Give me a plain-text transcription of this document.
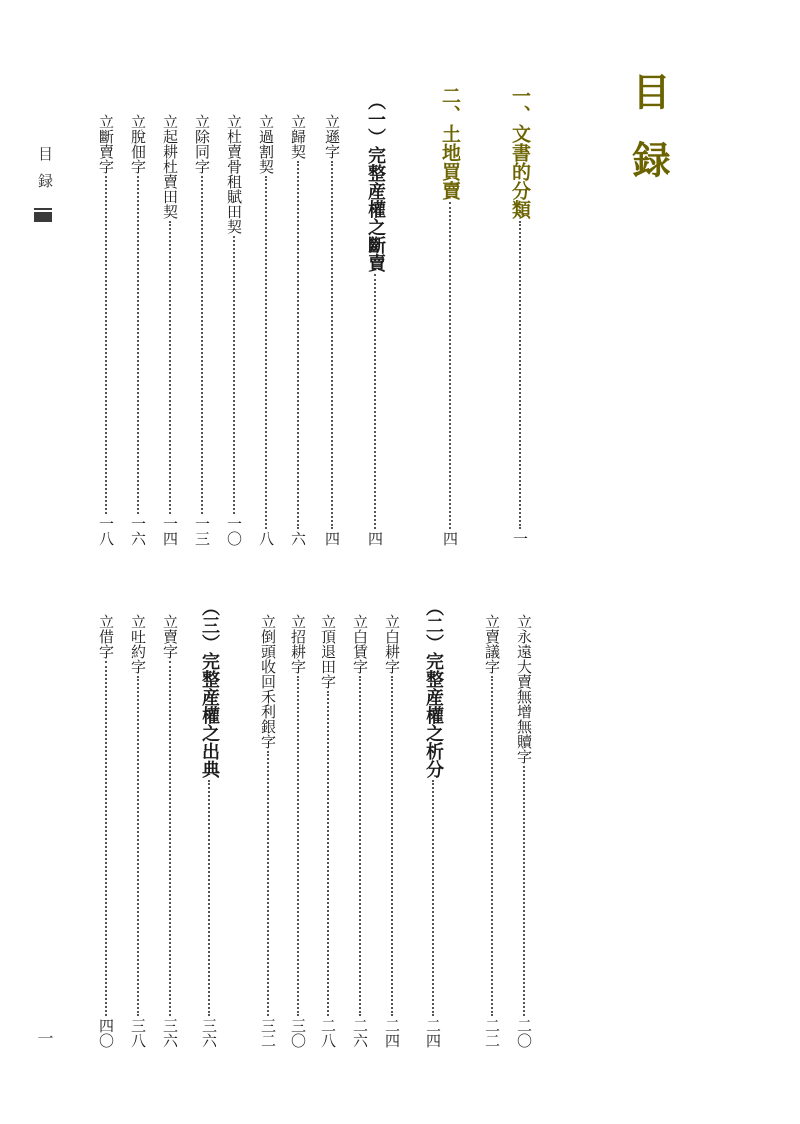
目録
一、文書的分類
一
二、土地買賣
四
（一）完整産權之斷賣
四
立遜字
四
立歸契
六
立過割契
八
立杜賣骨租賦田契
一〇
立除同字
一三
立起耕杜賣田契
一四
立脫佃字
一六
立斷賣字
一八
立永遠大賣無增無贖字
二〇
立賣議字
二二
（二）完整産權之析分
二四
立白耕字
二四
立白賃字
二六
立頂退田字
二八
立招耕字
三〇
立倒頭收回禾利銀字
三二
（三）完整産權之出典
三六
立賣字
三六
立吐約字
三八
立借字
四〇
目録
一
